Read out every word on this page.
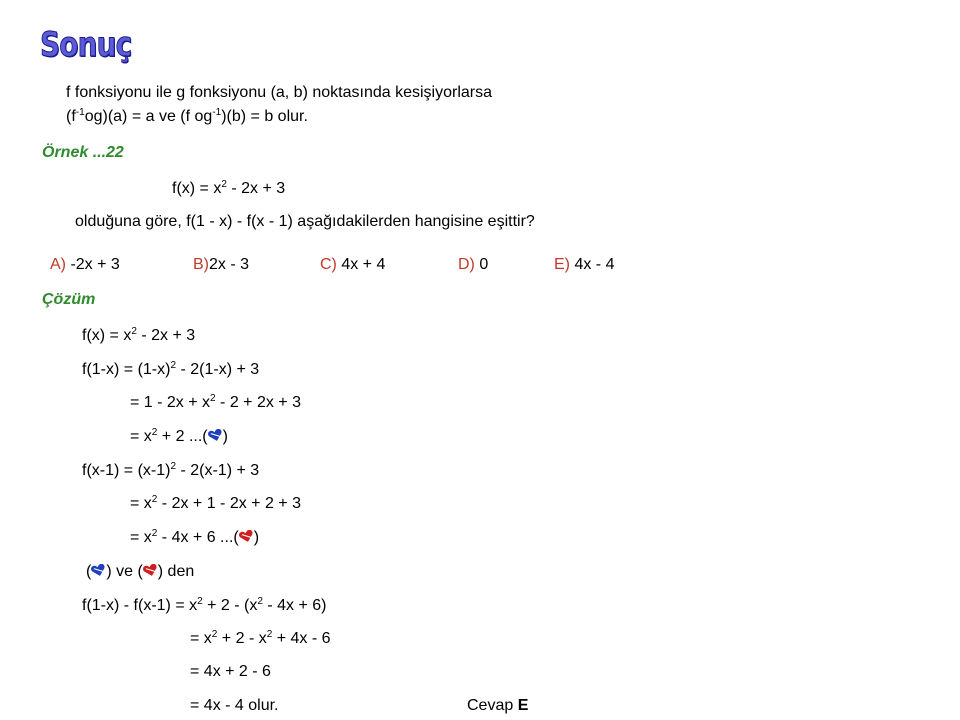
Sonuç
f fonksiyonu ile g fonksiyonu (a, b) noktasında kesişiyorlarsa
$(f^{-1}og)(a) = a$ ve (f $og^{-1})(b) = b$ olur.
Örnek ...22
$f(x) = x^2 - 2x + 3$
olduğuna göre, f(1 - x) - f(x - 1) aşağıdakilerden hangisine eşittir?
A) -2x + 3	B)2x - 3	C) 4x + 4	D) 0	E) 4x - 4
Çözüm
$f(x) = x^2 - 2x + 3$
$f(1-x) = (1-x)^2 - 2(1-x) + 3$
= $1 - 2x + x^2 - 2 + 2x + 3$
= $x^2 + 2$ ...( )
$f(x-1) = (x-1)^2 - 2(x-1) + 3$
= $x^2 - 2x + 1 - 2x + 2 + 3$
= $x^2 - 4x + 6$ ...( )
( ) ve ( ) den
$f(1-x) - f(x-1) = x^2 + 2 - (x^2 - 4x + 6)$
= $x^2 + 2 - x^2 + 4x - 6$
= 4x + 2 - 6
= 4x - 4 olur.	Cevap E
